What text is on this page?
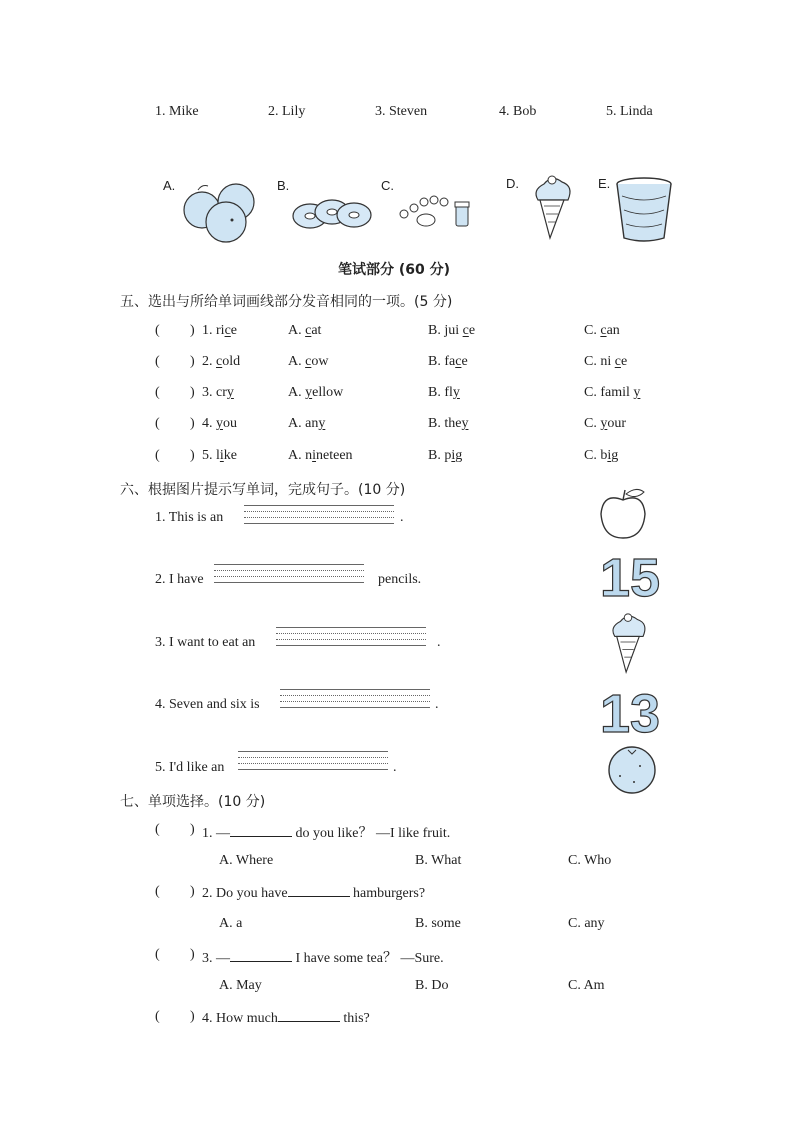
1. Mike	2. Lily	3. Steven	4. Bob	5. Linda
A.	B.	C.	D.	E.
笔试部分 (60 分)
五、选出与所给单词画线部分发音相同的一项。(5 分)
( ) 1. rice	A. cat	B. jui ce	C. can
( ) 2. cold	A. cow	B. face	C. ni ce
( ) 3. cry	A. yellow	B. fly	C. famil y
( ) 4. you	A. any	B. they	C. your
( ) 5. like	A. nineteen	B. pig	C. big
六、根据图片提示写单词，完成句子。(10 分)
1. This is an	.
2. I have	pencils.	15
3. I want to eat an	.
4. Seven and six is	.	13
5. I'd like an	.
七、单项选择。(10 分)
( ) 1. —	do you like？ —I like fruit.
A. Where	B. What	C. Who
( ) 2. Do you have	hamburgers?
A. a	B. some	C. any
( ) 3. —	I have some tea？ —Sure.
A. May	B. Do	C. Am
( ) 4. How much	this?
